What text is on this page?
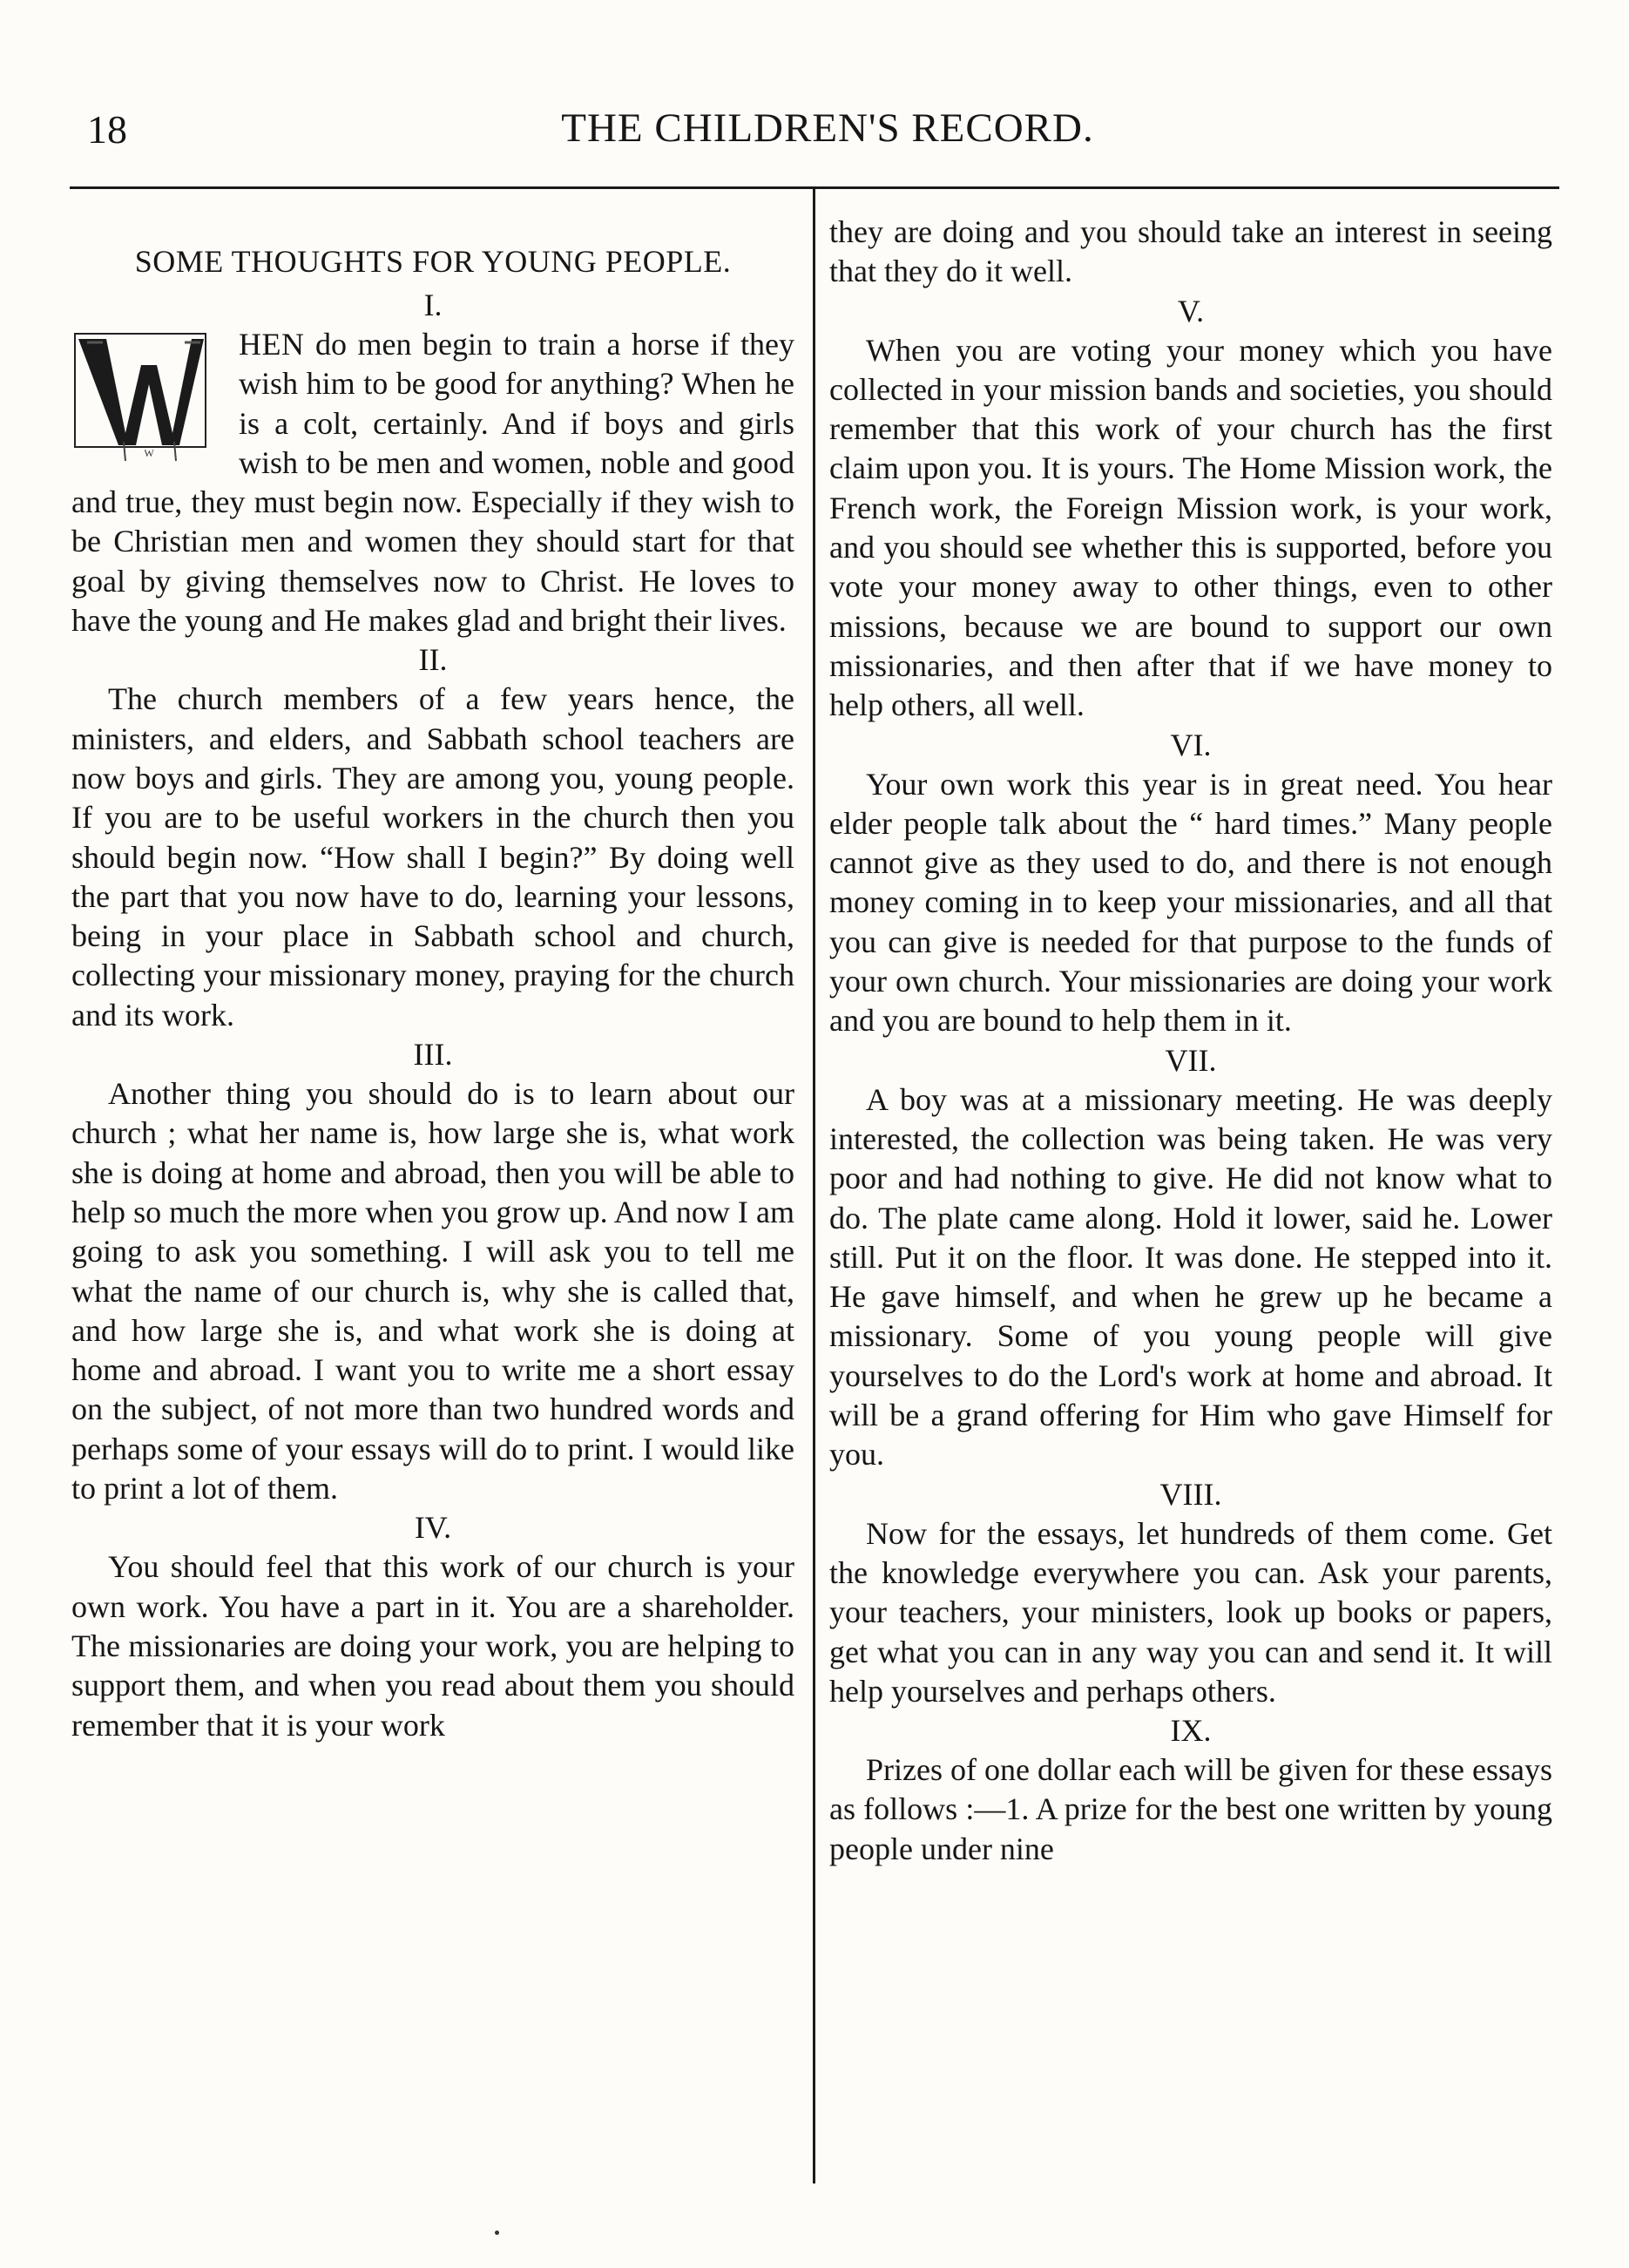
18	THE CHILDREN'S RECORD.
SOME THOUGHTS FOR YOUNG PEOPLE.
I.

W
HEN do men begin to train a horse if they wish him to be good for anything? When he is a colt, certainly. And if boys and girls wish to be men and women, noble and good and true, they must begin now. Especially if they wish to be Christian men and women they should start for that goal by giving themselves now to Christ. He loves to have the young and He makes glad and bright their lives.

II.

The church members of a few years hence, the ministers, and elders, and Sabbath school teachers are now boys and girls. They are among you, young people. If you are to be useful workers in the church then you should begin now. “How shall I begin?” By doing well the part that you now have to do, learning your lessons, being in your place in Sabbath school and church, collecting your missionary money, praying for the church and its work.

III.

Another thing you should do is to learn about our church ; what her name is, how large she is, what work she is doing at home and abroad, then you will be able to help so much the more when you grow up. And now I am going to ask you something. I will ask you to tell me what the name of our church is, why she is called that, and how large she is, and what work she is doing at home and abroad. I want you to write me a short essay on the subject, of not more than two hundred words and perhaps some of your essays will do to print. I would like to print a lot of them.

IV.

You should feel that this work of our church is your own work. You have a part in it. You are a shareholder. The missionaries are doing your work, you are helping to support them, and when you read about them you should remember that it is your work

they are doing and you should take an interest in seeing that they do it well.

V.

When you are voting your money which you have collected in your mission bands and societies, you should remember that this work of your church has the first claim upon you. It is yours. The Home Mission work, the French work, the Foreign Mission work, is your work, and you should see whether this is supported, before you vote your money away to other things, even to other missions, because we are bound to support our own missionaries, and then after that if we have money to help others, all well.

VI.

Your own work this year is in great need. You hear elder people talk about the “ hard times.” Many people cannot give as they used to do, and there is not enough money coming in to keep your missionaries, and all that you can give is needed for that purpose to the funds of your own church. Your missionaries are doing your work and you are bound to help them in it.

VII.

A boy was at a missionary meeting. He was deeply interested, the collection was being taken. He was very poor and had nothing to give. He did not know what to do. The plate came along. Hold it lower, said he. Lower still. Put it on the floor. It was done. He stepped into it. He gave himself, and when he grew up he became a missionary. Some of you young people will give yourselves to do the Lord's work at home and abroad. It will be a grand offering for Him who gave Himself for you.

VIII.

Now for the essays, let hundreds of them come. Get the knowledge everywhere you can. Ask your parents, your teachers, your ministers, look up books or papers, get what you can in any way you can and send it. It will help yourselves and perhaps others.

IX.

Prizes of one dollar each will be given for these essays as follows :—1. A prize for the best one written by young people under nine
